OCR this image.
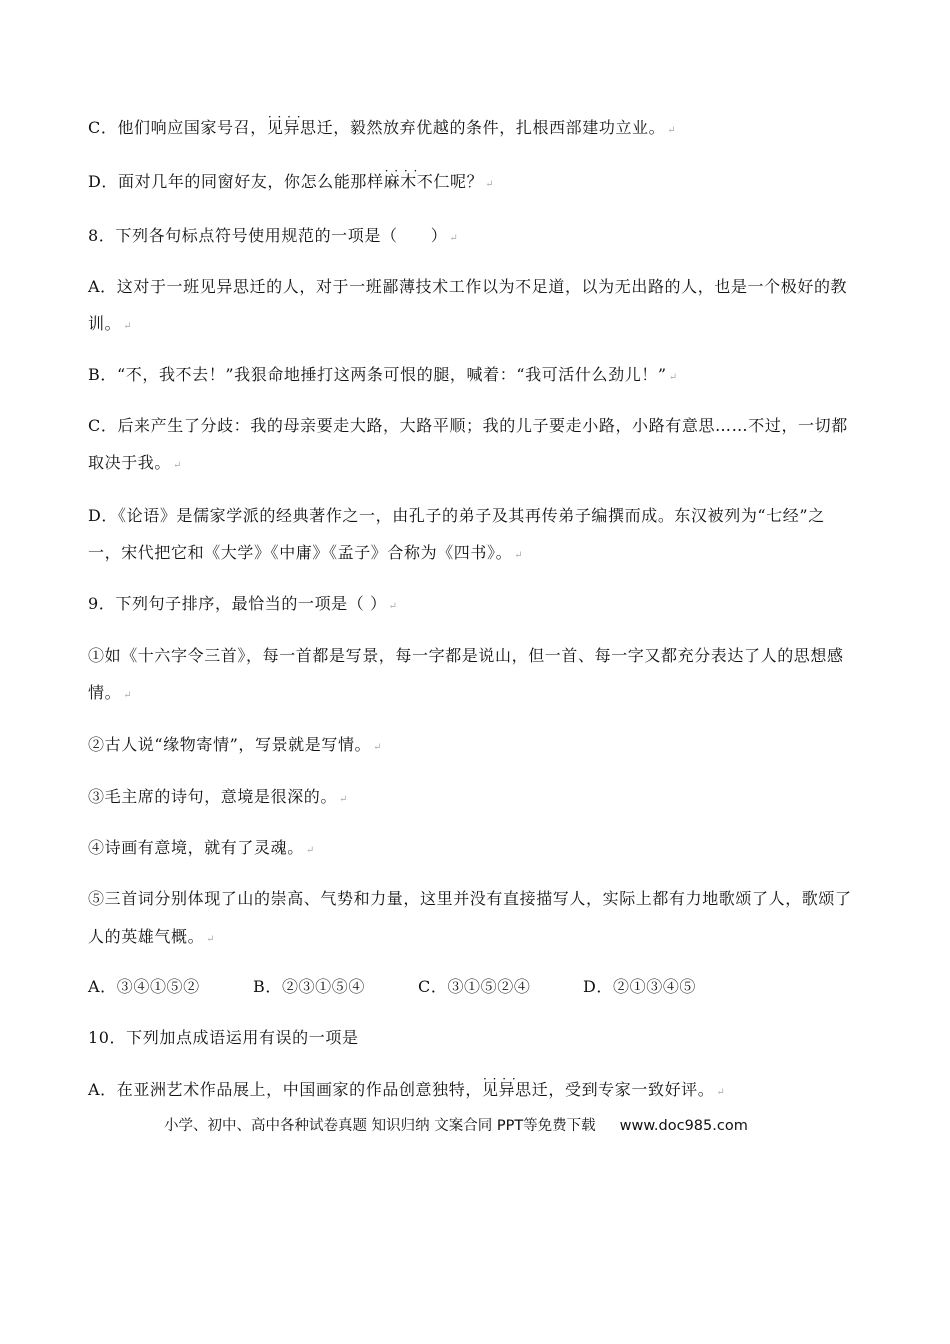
C．他们响应国家号召，· · · · 见异思迁，毅然放弃优越的条件，扎根西部建功立业。 ↵
D．面对几年的同窗好友，你怎么能那样· · · · 麻木不仁呢？ ↵
8．下列各句标点符号使用规范的一项是（　　） ↵
A．这对于一班见异思迁的人，对于一班鄙薄技术工作以为不足道，以为无出路的人，也是一个极好的教
训。 ↵
B．“不，我不去！”我狠命地捶打这两条可恨的腿，喊着：“我可活什么劲儿！” ↵
C．后来产生了分歧：我的母亲要走大路，大路平顺；我的儿子要走小路，小路有意思……不过，一切都
取决于我。 ↵
D．《论语》是儒家学派的经典著作之一，由孔子的弟子及其再传弟子编撰而成。东汉被列为“七经”之
一，宋代把它和《大学》《中庸》《孟子》合称为《四书》。 ↵
9．下列句子排序，最恰当的一项是（ ） ↵
①如《十六字令三首》，每一首都是写景，每一字都是说山，但一首、每一字又都充分表达了人的思想感
情。 ↵
②古人说“缘物寄情”，写景就是写情。 ↵
③毛主席的诗句，意境是很深的。 ↵
④诗画有意境，就有了灵魂。 ↵
⑤三首词分别体现了山的崇高、气势和力量，这里并没有直接描写人，实际上都有力地歌颂了人，歌颂了
人的英雄气概。 ↵
A．③④①⑤②	B．②③①⑤④	C．③①⑤②④	D．②①③④⑤
10．下列加点成语运用有误的一项是
A．在亚洲艺术作品展上，中国画家的作品创意独特，· · · · 见异思迁，受到专家一致好评。 ↵
小学、初中、高中各种试卷真题 知识归纳 文案合同 PPT等免费下载 www.doc985.com
